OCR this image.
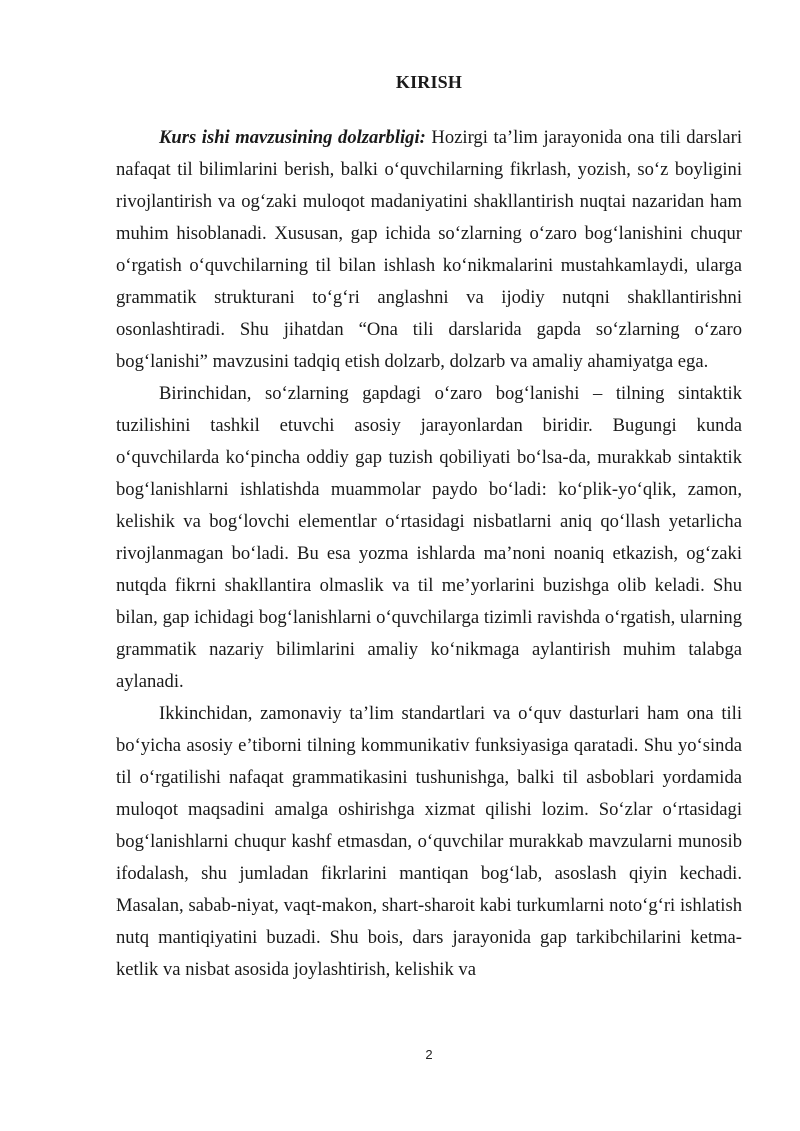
KIRISH

Kurs ishi mavzusining dolzarbligi: Hozirgi ta’lim jarayonida ona tili darslari nafaqat til bilimlarini berish, balki o‘quvchilarning fikrlash, yozish, so‘z boyligini rivojlantirish va og‘zaki muloqot madaniyatini shakllantirish nuqtai nazaridan ham muhim hisoblanadi. Xususan, gap ichida so‘zlarning o‘zaro bog‘lanishini chuqur o‘rgatish o‘quvchilarning til bilan ishlash ko‘nikmalarini mustahkamlaydi, ularga grammatik strukturani to‘g‘ri anglashni va ijodiy nutqni shakllantirishni osonlashtiradi. Shu jihatdan “Ona tili darslarida gapda so‘zlarning o‘zaro bog‘lanishi” mavzusini tadqiq etish dolzarb, dolzarb va amaliy ahamiyatga ega.

Birinchidan, so‘zlarning gapdagi o‘zaro bog‘lanishi – tilning sintaktik tuzilishini tashkil etuvchi asosiy jarayonlardan biridir. Bugungi kunda o‘quvchilarda ko‘pincha oddiy gap tuzish qobiliyati bo‘lsa-da, murakkab sintaktik bog‘lanishlarni ishlatishda muammolar paydo bo‘ladi: ko‘plik-yo‘qlik, zamon, kelishik va bog‘lovchi elementlar o‘rtasidagi nisbatlarni aniq qo‘llash yetarlicha rivojlanmagan bo‘ladi. Bu esa yozma ishlarda ma’noni noaniq etkazish, og‘zaki nutqda fikrni shakllantira olmaslik va til me’yorlarini buzishga olib keladi. Shu bilan, gap ichidagi bog‘lanishlarni o‘quvchilarga tizimli ravishda o‘rgatish, ularning grammatik nazariy bilimlarini amaliy ko‘nikmaga aylantirish muhim talabga aylanadi.

Ikkinchidan, zamonaviy ta’lim standartlari va o‘quv dasturlari ham ona tili bo‘yicha asosiy e’tiborni tilning kommunikativ funksiyasiga qaratadi. Shu yo‘sinda til o‘rgatilishi nafaqat grammatikasini tushunishga, balki til asboblari yordamida muloqot maqsadini amalga oshirishga xizmat qilishi lozim. So‘zlar o‘rtasidagi bog‘lanishlarni chuqur kashf etmasdan, o‘quvchilar murakkab mavzularni munosib ifodalash, shu jumladan fikrlarini mantiqan bog‘lab, asoslash qiyin kechadi. Masalan, sabab-niyat, vaqt-makon, shart-sharoit kabi turkumlarni noto‘g‘ri ishlatish nutq mantiqiyatini buzadi. Shu bois, dars jarayonida gap tarkibchilarini ketma-ketlik va nisbat asosida joylashtirish, kelishik va

2
